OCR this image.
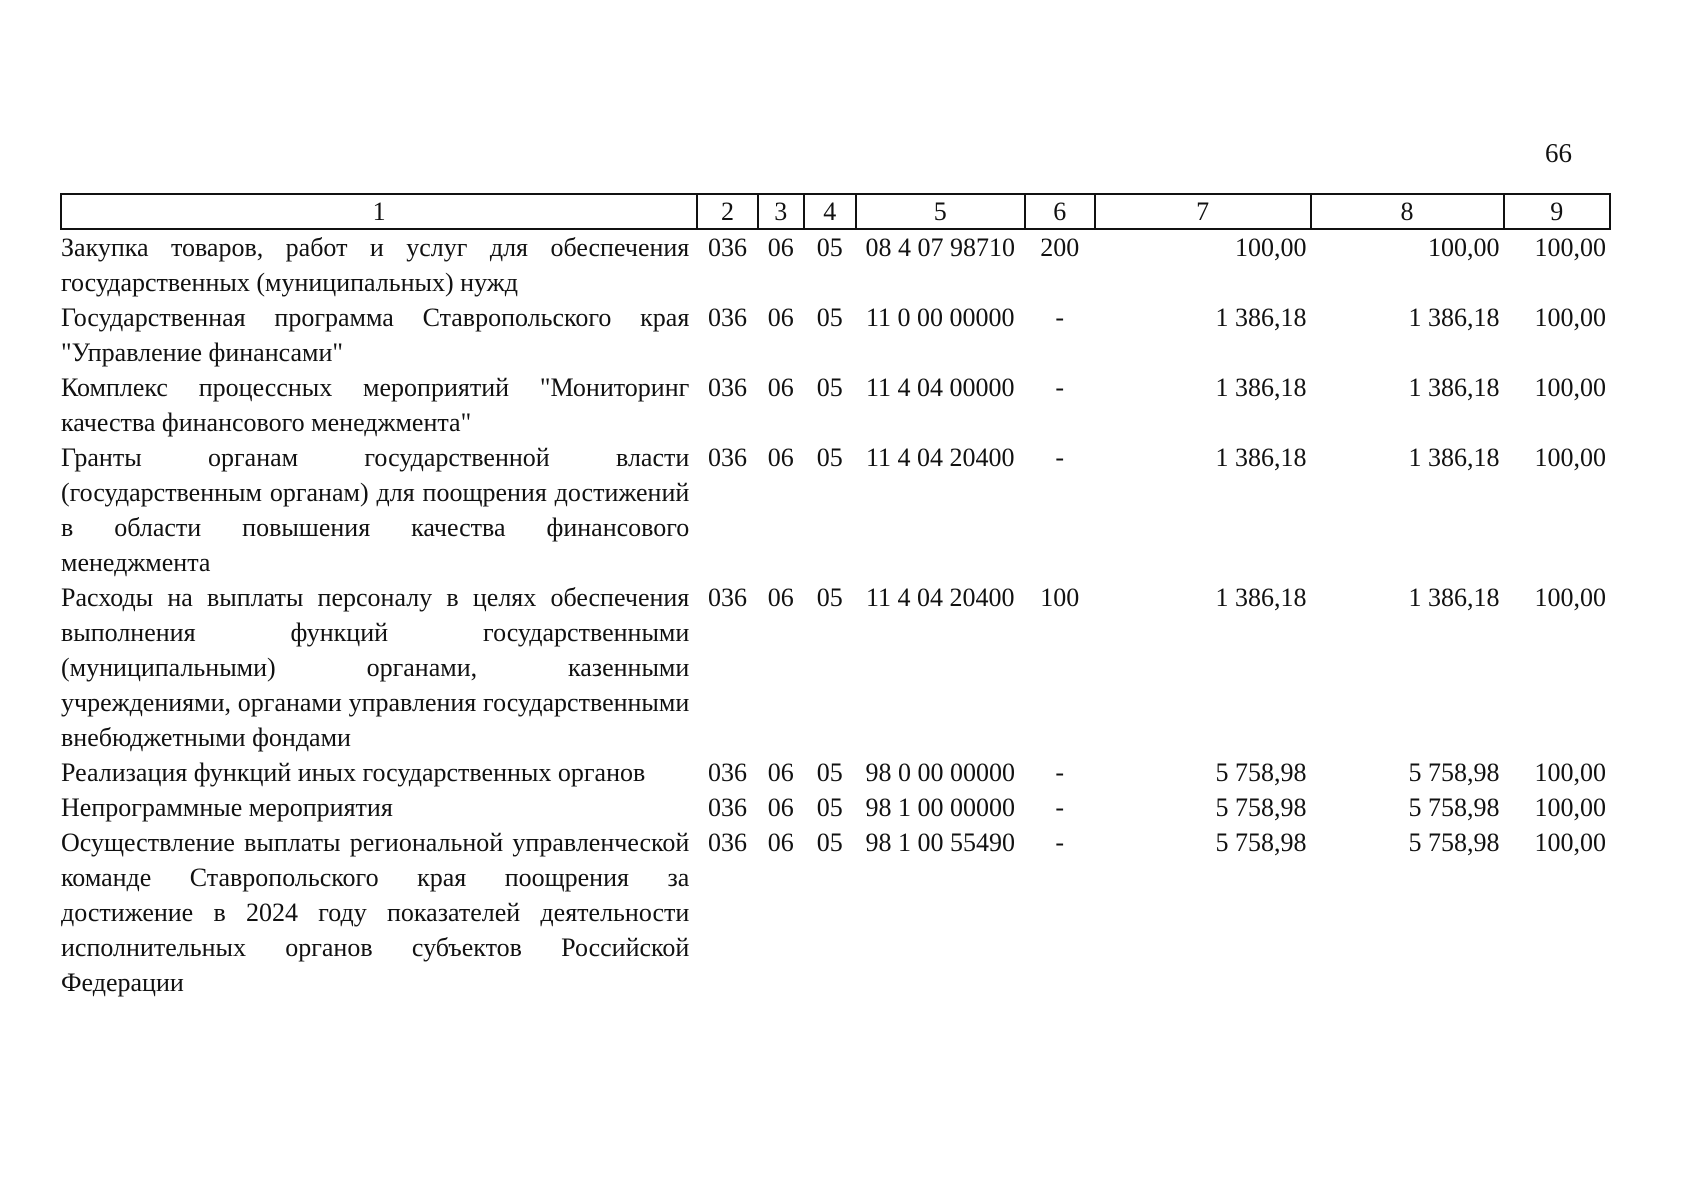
66
1	2	3	4	5	6	7	8	9
Закупка товаров, работ и услуг для обеспечения государственных (муниципальных) нужд	036	06	05	08 4 07 98710	200	100,00	100,00	100,00
Государственная программа Ставропольского края "Управление финансами"	036	06	05	11 0 00 00000	-	1 386,18	1 386,18	100,00
Комплекс процессных мероприятий "Мониторинг качества финансового менеджмента"	036	06	05	11 4 04 00000	-	1 386,18	1 386,18	100,00
Гранты органам государственной власти (государственным органам) для поощрения достижений в области повышения качества финансового менеджмента	036	06	05	11 4 04 20400	-	1 386,18	1 386,18	100,00
Расходы на выплаты персоналу в целях обеспечения выполнения функций государственными (муниципальными) органами, казенными учреждениями, органами управления государственными внебюджетными фондами	036	06	05	11 4 04 20400	100	1 386,18	1 386,18	100,00
Реализация функций иных государственных органов	036	06	05	98 0 00 00000	-	5 758,98	5 758,98	100,00
Непрограммные мероприятия	036	06	05	98 1 00 00000	-	5 758,98	5 758,98	100,00
Осуществление выплаты региональной управленческой команде Ставропольского края поощрения за достижение в 2024 году показателей деятельности исполнительных органов субъектов Российской Федерации	036	06	05	98 1 00 55490	-	5 758,98	5 758,98	100,00
